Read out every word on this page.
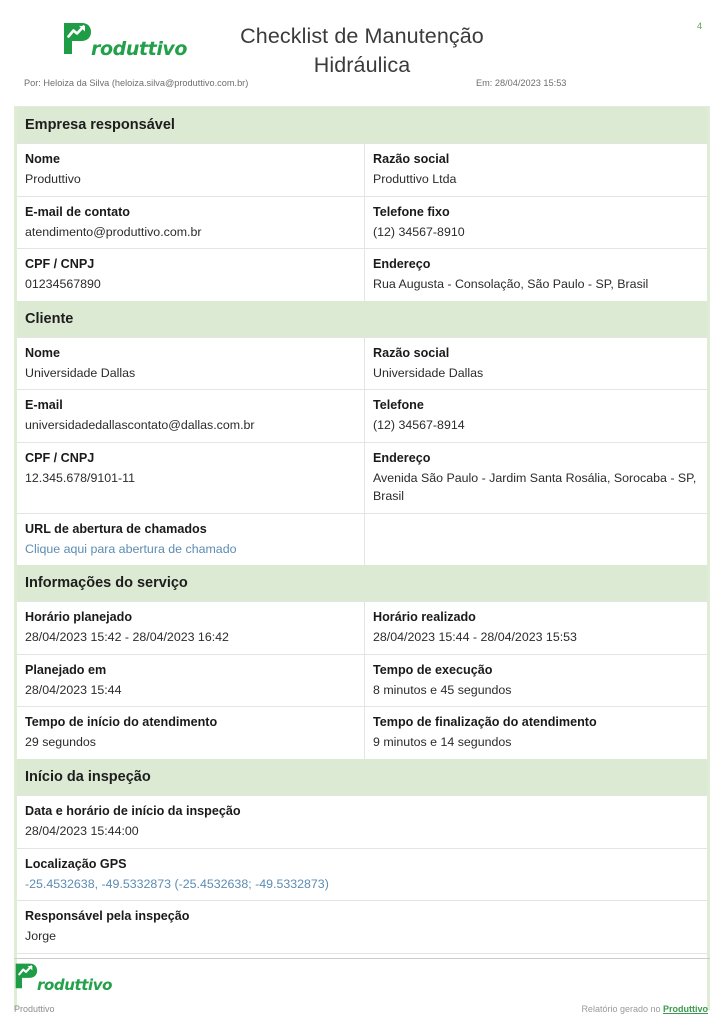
roduttivo
Checklist de Manutenção
Hidráulica
4
Por: Heloiza da Silva (heloiza.silva@produttivo.com.br)	Em: 28/04/2023 15:53
Empresa responsável
Nome
Produttivo
Razão social
Produttivo Ltda
E-mail de contato
atendimento@produttivo.com.br
Telefone fixo
(12) 34567-8910
CPF / CNPJ
01234567890
Endereço
Rua Augusta - Consolação, São Paulo - SP, Brasil
Cliente
Nome
Universidade Dallas
Razão social
Universidade Dallas
E-mail
universidadedallascontato@dallas.com.br
Telefone
(12) 34567-8914
CPF / CNPJ
12.345.678/9101-11
Endereço
Avenida São Paulo - Jardim Santa Rosália, Sorocaba - SP, Brasil
URL de abertura de chamados
Clique aqui para abertura de chamado
Informações do serviço
Horário planejado
28/04/2023 15:42 - 28/04/2023 16:42
Horário realizado
28/04/2023 15:44 - 28/04/2023 15:53
Planejado em
28/04/2023 15:44
Tempo de execução
8 minutos e 45 segundos
Tempo de início do atendimento
29 segundos
Tempo de finalização do atendimento
9 minutos e 14 segundos
Início da inspeção
Data e horário de início da inspeção
28/04/2023 15:44:00
Localização GPS
-25.4532638, -49.5332873 (-25.4532638; -49.5332873)
Responsável pela inspeção
Jorge
roduttivo
Produttivo	Relatório gerado no Produttivo
